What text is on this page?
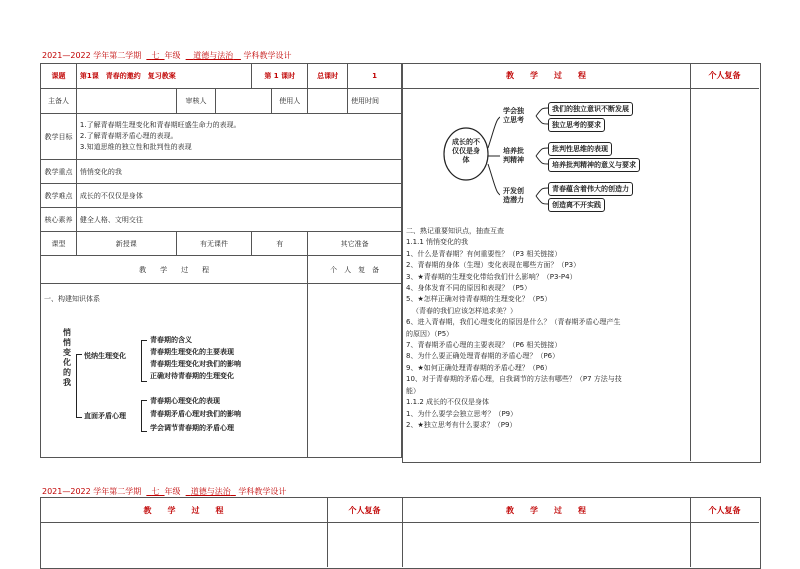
2021—2022 学年第二学期 七 年级 道德与法治 学科教学设计
课题	第1课　青春的邀约　复习教案			第 1 课时		总课时	1
主备人		审核人			使用人		使用时间
教学目标	1.了解青春期生理变化和青春期旺盛生命力的表现。
2.了解青春期矛盾心理的表现。
3.知道思维的独立性和批判性的表现						

教学重点	悄悄变化的我						
教学难点	成长的不仅仅是身体						
核心素养	健全人格、文明交往						
课型	新授课	有无课件		有		其它准备	
教　　学　　过　　程						个　人　复　备	

一、构建知识体系							

悄悄变化的我
悦纳生理变化
直面矛盾心理
青春期的含义
青春期生理变化的主要表现
青春期生理变化对我们的影响
正确对待青春期的生理变化
青春期心理变化的表现
青春期矛盾心理对我们的影响
学会调节青春期的矛盾心理
教　　学　　过　　程	个人复备
成长的不仅仅是身体
学会独立思考
培养批判精神
开发创造潜力
我们的独立意识不断发展
独立思考的要求
批判性思维的表现
培养批判精神的意义与要求
青春蕴含着伟大的创造力
创造离不开实践
二、熟记重要知识点，抽查互查
1.1.1 悄悄变化的我
1、什么是青春期？有何重要性？（P3 相关链接）
2、青春期的身体（生理）变化表现在哪些方面？（P3）
3、★青春期的生理变化带给我们什么影响？（P3-P4）
4、身体发育不同的原因和表现？（P5）
5、★怎样正确对待青春期的生理变化？（P5）
（青春的我们应该怎样追求美？）
6、进入青春期，我们心理变化的原因是什么？（青春期矛盾心理产生
的原因）（P5）
7、青春期矛盾心理的主要表现？（P6 相关链接）
8、为什么要正确处理青春期的矛盾心理？（P6）
9、★如何正确处理青春期的矛盾心理？（P6）
10、对于青春期的矛盾心理，自我调节的方法有哪些？（P7 方法与技
能）
1.1.2 成长的不仅仅是身体
1、为什么要学会独立思考？（P9）
2、★独立思考有什么要求？（P9）
2021—2022 学年第二学期 七 年级 道德与法治 学科教学设计
教　　学　　过　　程	个人复备	教　　学　　过　　程	个人复备
